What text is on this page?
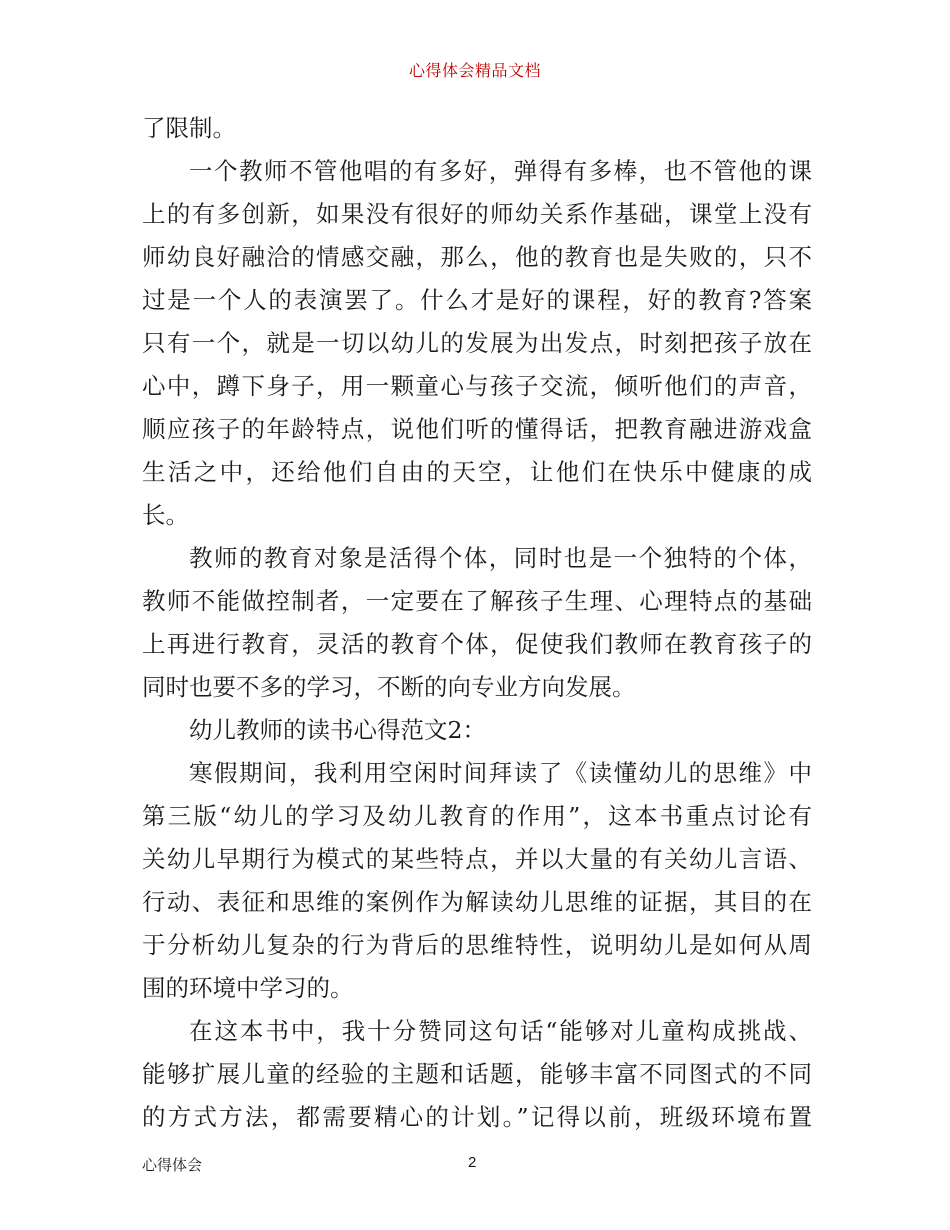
心得体会精品文档
了限制。
一个教师不管他唱的有多好，弹得有多棒，也不管他的课
上的有多创新，如果没有很好的师幼关系作基础，课堂上没有
师幼良好融洽的情感交融，那么，他的教育也是失败的，只不
过是一个人的表演罢了。什么才是好的课程，好的教育?答案
只有一个，就是一切以幼儿的发展为出发点，时刻把孩子放在
心中，蹲下身子，用一颗童心与孩子交流，倾听他们的声音，
顺应孩子的年龄特点，说他们听的懂得话，把教育融进游戏盒
生活之中，还给他们自由的天空，让他们在快乐中健康的成
长。
教师的教育对象是活得个体，同时也是一个独特的个体，
教师不能做控制者，一定要在了解孩子生理、心理特点的基础
上再进行教育，灵活的教育个体，促使我们教师在教育孩子的
同时也要不多的学习，不断的向专业方向发展。
幼儿教师的读书心得范文2：
寒假期间，我利用空闲时间拜读了《读懂幼儿的思维》中
第三版“幼儿的学习及幼儿教育的作用”，这本书重点讨论有
关幼儿早期行为模式的某些特点，并以大量的有关幼儿言语、
行动、表征和思维的案例作为解读幼儿思维的证据，其目的在
于分析幼儿复杂的行为背后的思维特性，说明幼儿是如何从周
围的环境中学习的。
在这本书中，我十分赞同这句话“能够对儿童构成挑战、
能够扩展儿童的经验的主题和话题，能够丰富不同图式的不同
的方式方法，都需要精心的计划。”记得以前，班级环境布置
心得体会	2
